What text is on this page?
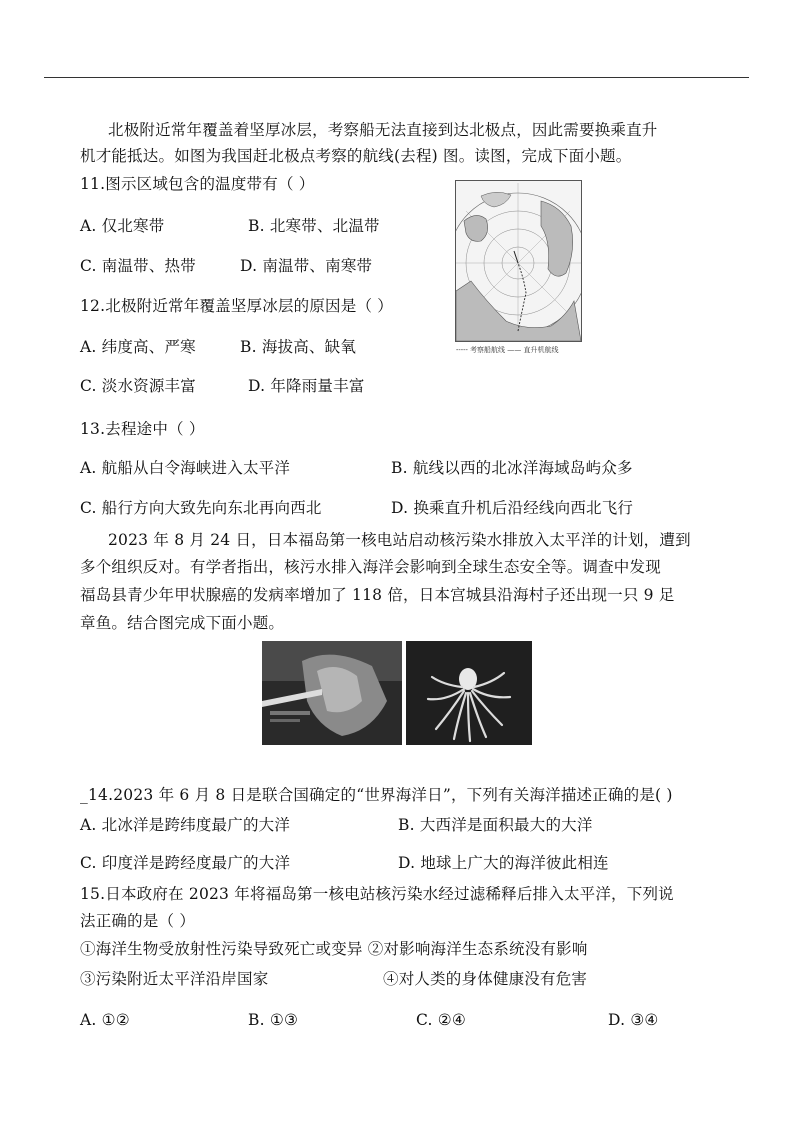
北极附近常年覆盖着坚厚冰层，考察船无法直接到达北极点，因此需要换乘直升
机才能抵达。如图为我国赶北极点考察的航线(去程) 图。读图，完成下面小题。
11.图示区域包含的温度带有（ ）
A. 仅北寒带	B. 北寒带、北温带
C. 南温带、热带	D. 南温带、南寒带
12.北极附近常年覆盖坚厚冰层的原因是（ ）
A. 纬度高、严寒	B. 海拔高、缺氧
C. 淡水资源丰富	D. 年降雨量丰富
----- 考察船航线 —— 直升机航线
13.去程途中（ ）
A. 航船从白令海峡进入太平洋	B. 航线以西的北冰洋海域岛屿众多
C. 船行方向大致先向东北再向西北	D. 换乘直升机后沿经线向西北飞行
2023 年 8 月 24 日，日本福岛第一核电站启动核污染水排放入太平洋的计划，遭到
多个组织反对。有学者指出，核污水排入海洋会影响到全球生态安全等。调查中发现
福岛县青少年甲状腺癌的发病率增加了 118 倍，日本宫城县沿海村子还出现一只 9 足
章鱼。结合图完成下面小题。
_14.2023 年 6 月 8 日是联合国确定的“世界海洋日”，下列有关海洋描述正确的是( )
A. 北冰洋是跨纬度最广的大洋	B. 大西洋是面积最大的大洋
C. 印度洋是跨经度最广的大洋	D. 地球上广大的海洋彼此相连
15.日本政府在 2023 年将福岛第一核电站核污染水经过滤稀释后排入太平洋，下列说
法正确的是（ ）
①海洋生物受放射性污染导致死亡或变异 ②对影响海洋生态系统没有影响
③污染附近太平洋沿岸国家	④对人类的身体健康没有危害
A. ①②	B. ①③	C. ②④	D. ③④
